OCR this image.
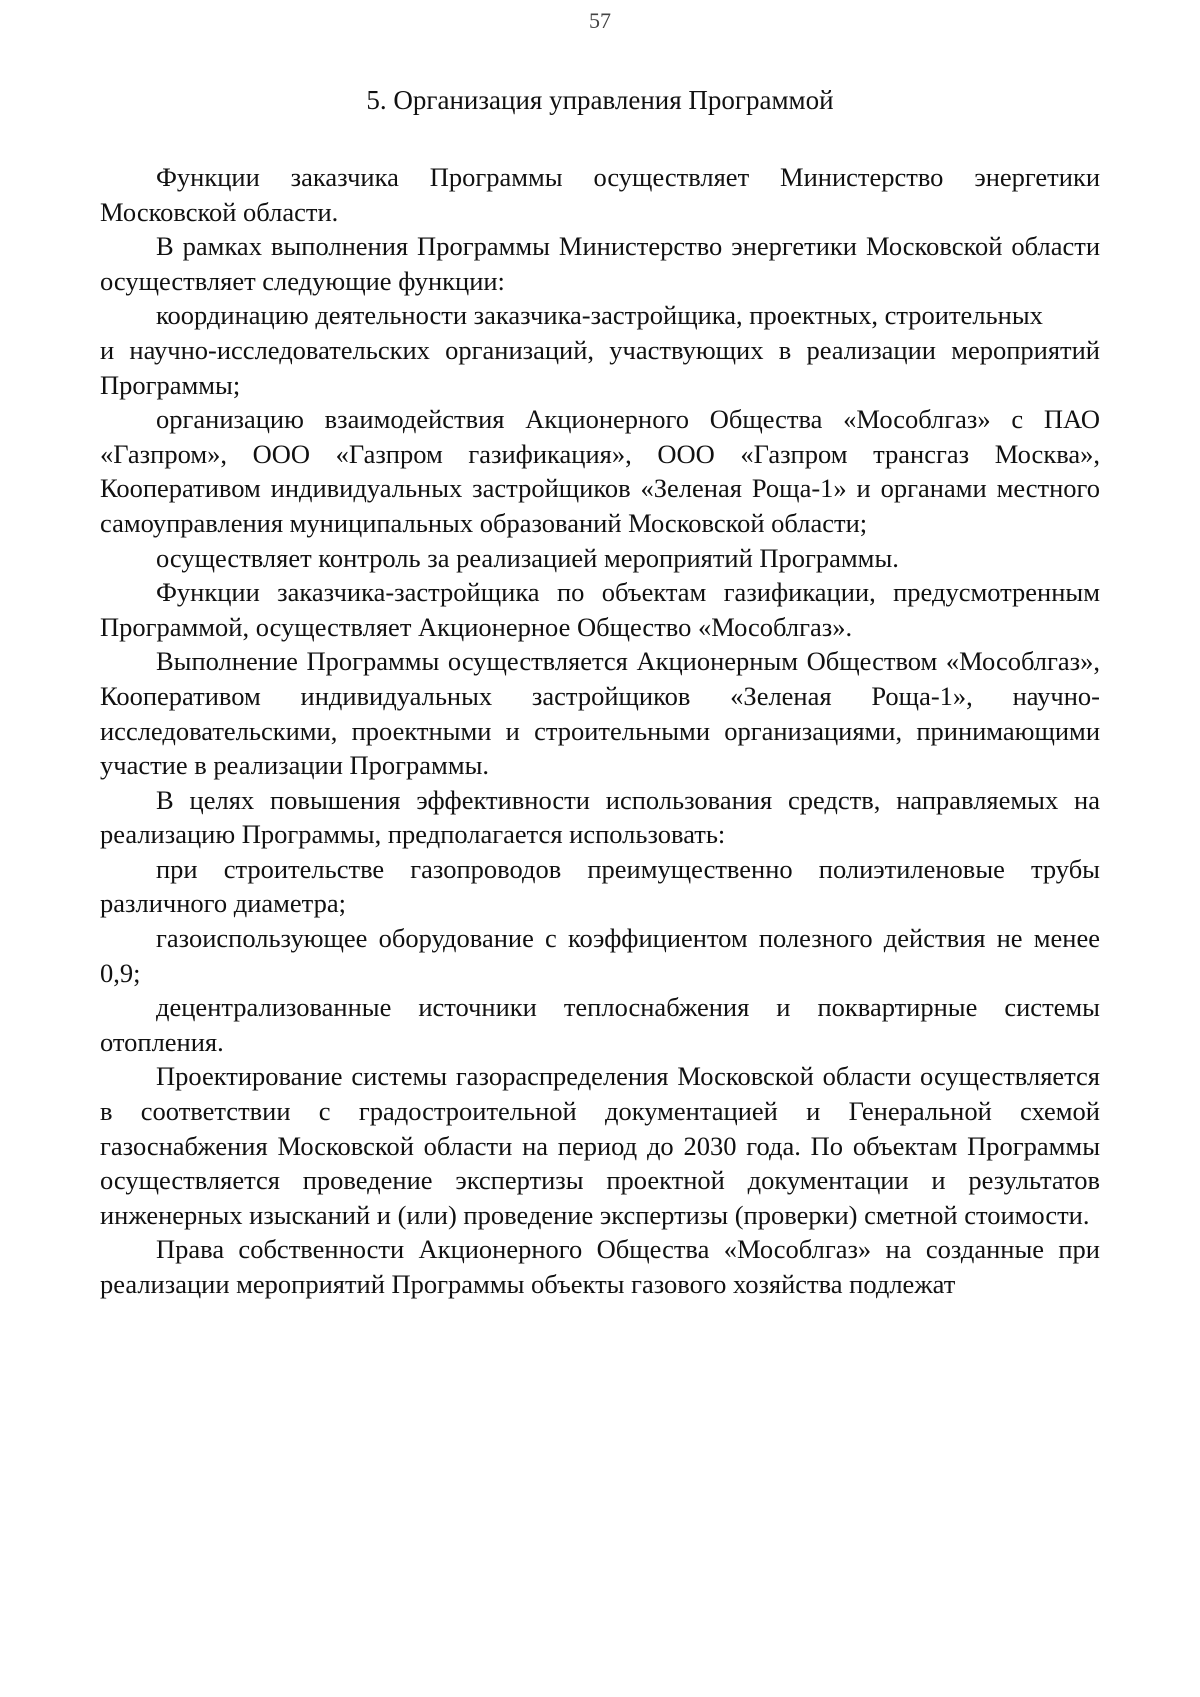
57
5. Организация управления Программой

Функции заказчика Программы осуществляет Министерство энергетики Московской области.

В рамках выполнения Программы Министерство энергетики Московской области осуществляет следующие функции:

координацию деятельности заказчика-застройщика, проектных, строительных

и научно-исследовательских организаций, участвующих в реализации мероприятий Программы;

организацию взаимодействия Акционерного Общества «Мособлгаз» с ПАО «Газпром», ООО «Газпром газификация», ООО «Газпром трансгаз Москва», Кооперативом индивидуальных застройщиков «Зеленая Роща-1» и органами местного самоуправления муниципальных образований Московской области;

осуществляет контроль за реализацией мероприятий Программы.

Функции заказчика-застройщика по объектам газификации, предусмотренным Программой, осуществляет Акционерное Общество «Мособлгаз».

Выполнение Программы осуществляется Акционерным Обществом «Мособлгаз», Кооперативом индивидуальных застройщиков «Зеленая Роща-1», научно-исследовательскими, проектными и строительными организациями, принимающими участие в реализации Программы.

В целях повышения эффективности использования средств, направляемых на реализацию Программы, предполагается использовать:

при строительстве газопроводов преимущественно полиэтиленовые трубы различного диаметра;

газоиспользующее оборудование с коэффициентом полезного действия не менее 0,9;

децентрализованные источники теплоснабжения и поквартирные системы отопления.

Проектирование системы газораспределения Московской области осуществляется в соответствии с градостроительной документацией и Генеральной схемой газоснабжения Московской области на период до 2030 года. По объектам Программы осуществляется проведение экспертизы проектной документации и результатов инженерных изысканий и (или) проведение экспертизы (проверки) сметной стоимости.

Права собственности Акционерного Общества «Мособлгаз» на созданные при реализации мероприятий Программы объекты газового хозяйства подлежат
